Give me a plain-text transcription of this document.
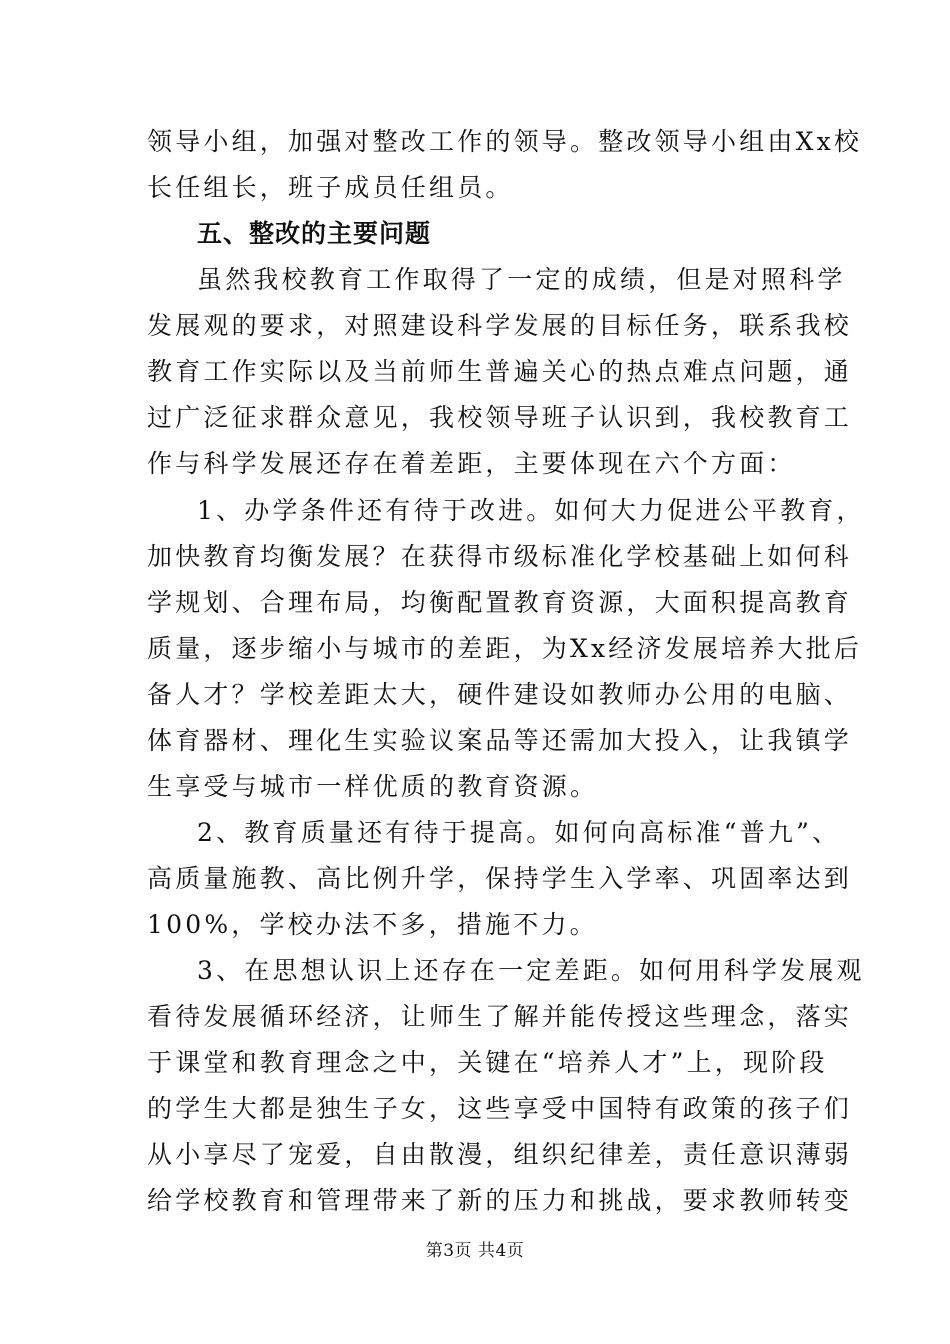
领导小组，加强对整改工作的领导。整改领导小组由Xx校
长任组长，班子成员任组员。
五、整改的主要问题
虽然我校教育工作取得了一定的成绩，但是对照科学
发展观的要求，对照建设科学发展的目标任务，联系我校
教育工作实际以及当前师生普遍关心的热点难点问题，通
过广泛征求群众意见，我校领导班子认识到，我校教育工
作与科学发展还存在着差距，主要体现在六个方面：
1、办学条件还有待于改进。如何大力促进公平教育，
加快教育均衡发展？在获得市级标准化学校基础上如何科
学规划、合理布局，均衡配置教育资源，大面积提高教育
质量，逐步缩小与城市的差距，为Xx经济发展培养大批后
备人才？学校差距太大，硬件建设如教师办公用的电脑、
体育器材、理化生实验议案品等还需加大投入，让我镇学
生享受与城市一样优质的教育资源。
2、教育质量还有待于提高。如何向高标准“普九”、
高质量施教、高比例升学，保持学生入学率、巩固率达到
100%，学校办法不多，措施不力。
3、在思想认识上还存在一定差距。如何用科学发展观
看待发展循环经济，让师生了解并能传授这些理念，落实
于课堂和教育理念之中，关键在“培养人才”上，现阶段
的学生大都是独生子女，这些享受中国特有政策的孩子们
从小享尽了宠爱，自由散漫，组织纪律差，责任意识薄弱
给学校教育和管理带来了新的压力和挑战，要求教师转变
第3页 共4页
